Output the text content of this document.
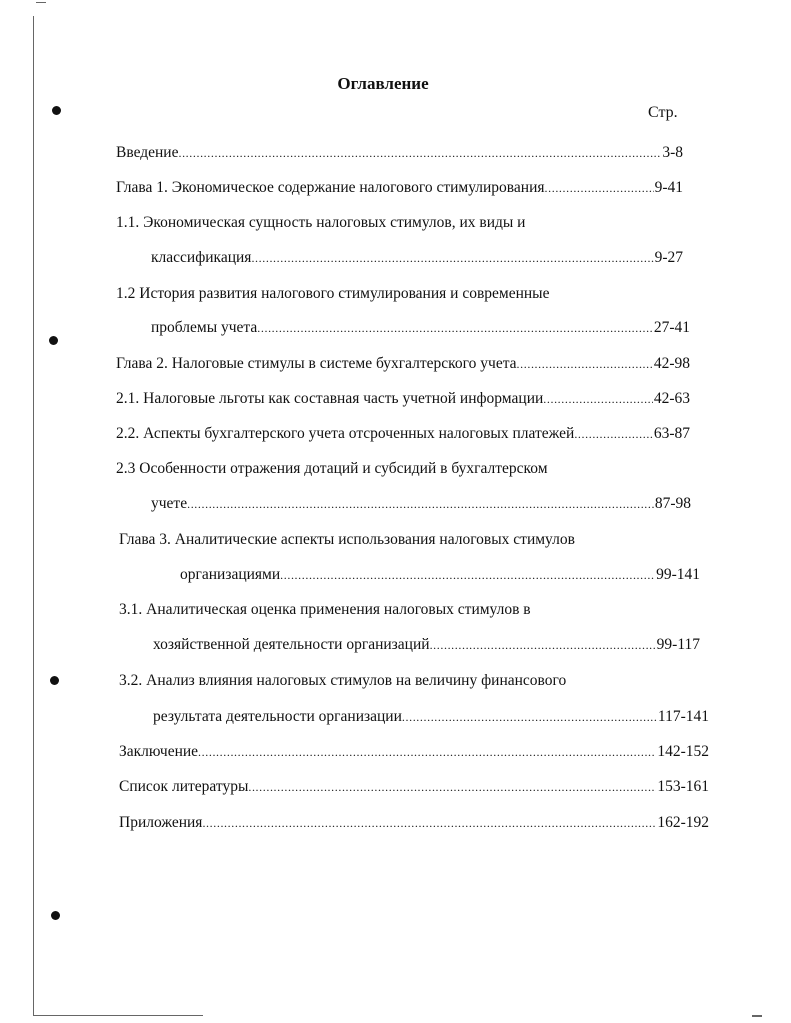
Оглавление
Стр.
Введение . . .	3-8
Глава 1. Экономическое содержание налогового стимулирования . . .	9-41
1.1. Экономическая сущность налоговых стимулов, их виды и
классификация . . .	9-27
1.2 История развития налогового стимулирования и современные
проблемы учета . . .	27-41
Глава 2. Налоговые стимулы в системе бухгалтерского учета . . .	42-98
2.1. Налоговые льготы как составная часть учетной информации . . .	42-63
2.2. Аспекты бухгалтерского учета отсроченных налоговых платежей . . .	63-87
2.3 Особенности отражения дотаций и субсидий в бухгалтерском
учете . . .	87-98
Глава 3. Аналитические аспекты использования налоговых стимулов
организациями . . .	99-141
3.1. Аналитическая оценка применения налоговых стимулов в
хозяйственной деятельности организаций . . .	99-117
3.2. Анализ влияния налоговых стимулов на величину финансового
результата деятельности организации . . .	117-141
Заключение . . .	142-152
Список литературы . . .	153-161
Приложения . . .	162-192
